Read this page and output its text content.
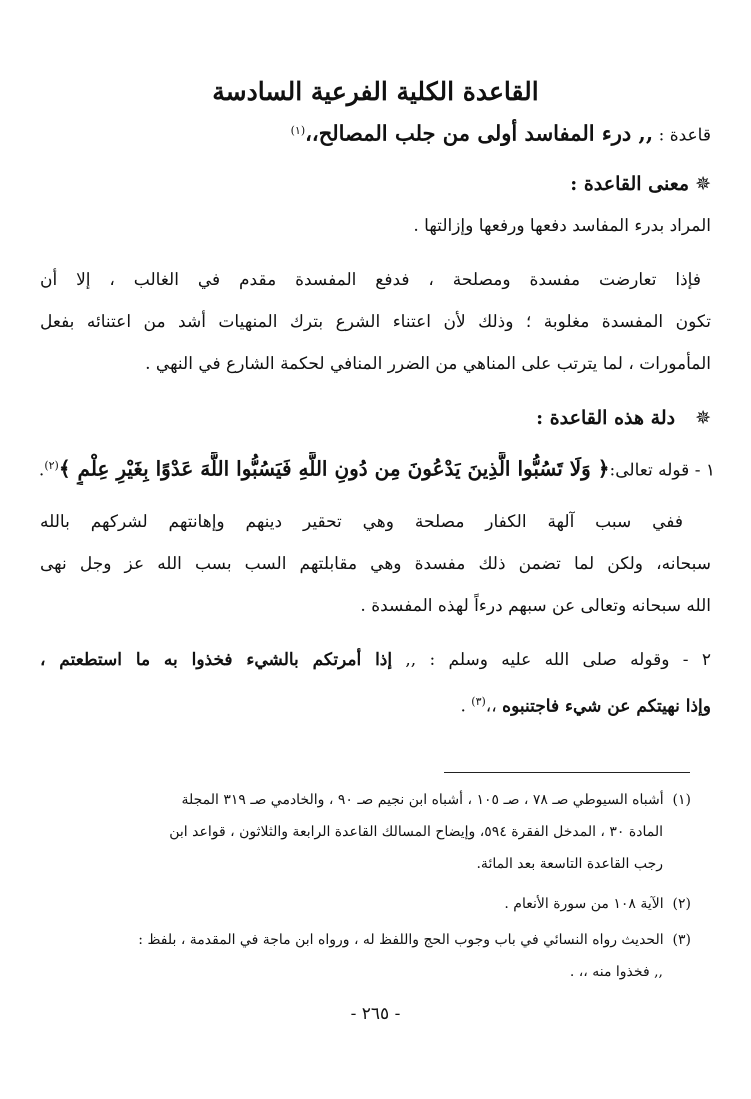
القاعدة الكلية الفرعية السادسة
قاعدة : ,, درء المفاسد أولى من جلب المصالح،،$^{(١)}$
✵معنى القاعدة :
المراد بدرء المفاسد دفعها ورفعها وإزالتها .
فإذا تعارضت مفسدة ومصلحة ، فدفع المفسدة مقدم في الغالب ، إلا أن
تكون المفسدة مغلوبة ؛ وذلك لأن اعتناء الشرع بترك المنهيات أشد من اعتنائه بفعل
المأمورات ، لما يترتب على المناهي من الضرر المنافي لحكمة الشارع في النهي .
✵دلة هذه القاعدة :
١ - قوله تعالى:﴿ وَلَا تَسُبُّوا الَّذِينَ يَدْعُونَ مِن دُونِ اللَّهِ فَيَسُبُّوا اللَّهَ عَدْوًا بِغَيْرِ عِلْمٍ ﴾$^{(٢)}$.
ففي سبب آلهة الكفار مصلحة وهي تحقير دينهم وإهانتهم لشركهم بالله
سبحانه، ولكن لما تضمن ذلك مفسدة وهي مقابلتهم السب بسب الله عز وجل نهى
الله سبحانه وتعالى عن سبهم درءاً لهذه المفسدة .
٢ - وقوله صلى الله عليه وسلم : ,, إذا أمرتكم بالشيء فخذوا به ما استطعتم ،
وإذا نهيتكم عن شيء فاجتنبوه ،،$^{(٣)}$ .
(١)  أشباه السيوطي صـ ٧٨ ، صـ ١٠٥ ، أشباه ابن نجيم صـ ٩٠ ، والخادمي صـ ٣١٩ المجلة
المادة ٣٠ ، المدخل الفقرة ٥٩٤، وإيضاح المسالك القاعدة الرابعة والثلاثون ، قواعد ابن
رجب القاعدة التاسعة بعد المائة.
(٢)  الآية ١٠٨ من سورة الأنعام .
(٣)  الحديث رواه النسائي في باب وجوب الحج واللفظ له ، ورواه ابن ماجة في المقدمة ، بلفظ :
,, فخذوا منه ،، .
- ٢٦٥ -
